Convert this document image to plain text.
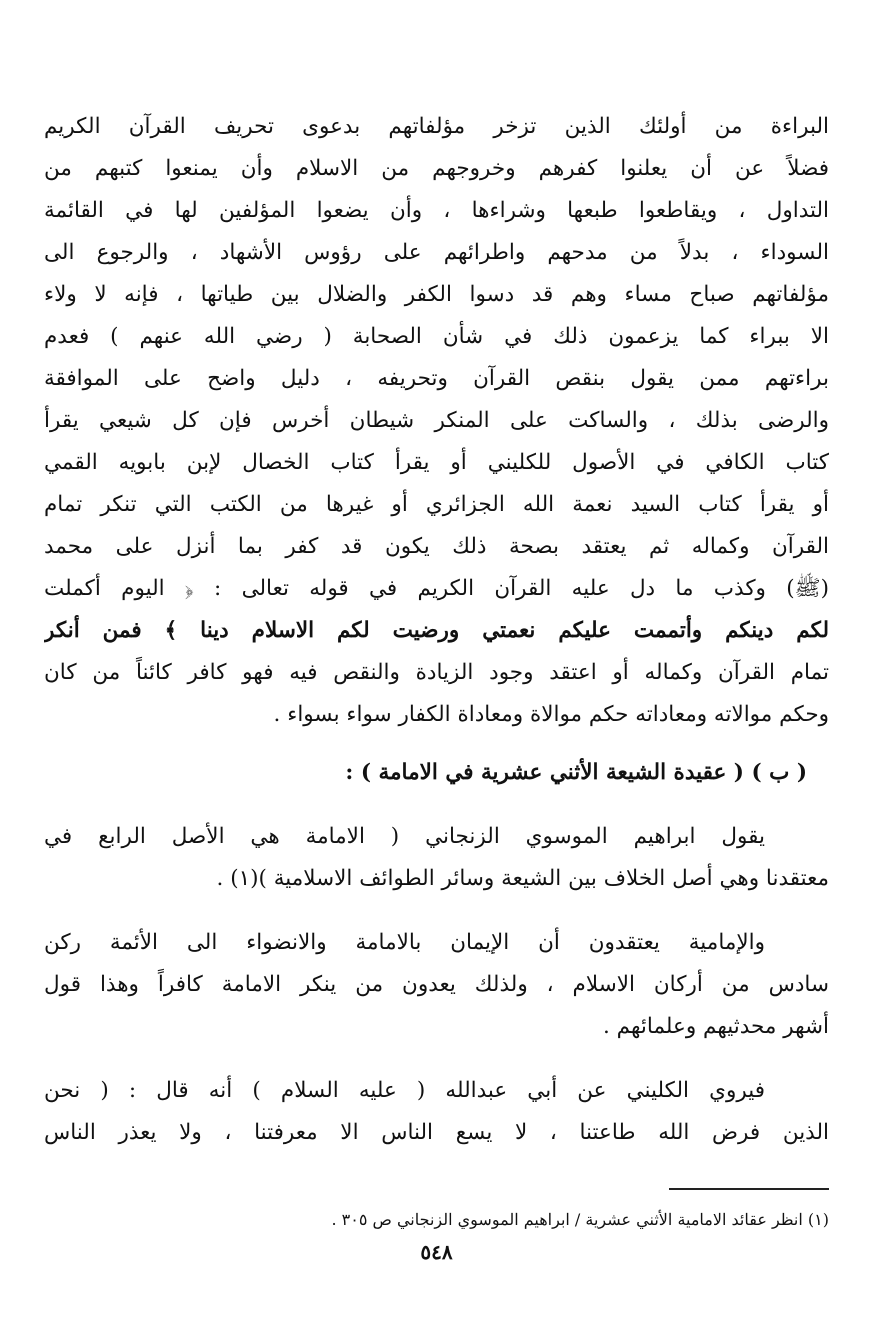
البراءة من أولئك الذين تزخر مؤلفاتهم بدعوى تحريف القرآن الكريم
فضلاً عن أن يعلنوا كفرهم وخروجهم من الاسلام وأن يمنعوا كتبهم من
التداول ، ويقاطعوا طبعها وشراءها ، وأن يضعوا المؤلفين لها في القائمة
السوداء ، بدلاً من مدحهم واطرائهم على رؤوس الأشهاد ، والرجوع الى
مؤلفاتهم صباح مساء وهم قد دسوا الكفر والضلال بين طياتها ، فإنه لا ولاء
الا ببراء كما يزعمون ذلك في شأن الصحابة ( رضي الله عنهم ) فعدم
براءتهم ممن يقول بنقص القرآن وتحريفه ، دليل واضح على الموافقة
والرضى بذلك ، والساكت على المنكر شيطان أخرس فإن كل شيعي يقرأ
كتاب الكافي في الأصول للكليني أو يقرأ كتاب الخصال لإبن بابويه القمي
أو يقرأ كتاب السيد نعمة الله الجزائري أو غيرها من الكتب التي تنكر تمام
القرآن وكماله ثم يعتقد بصحة ذلك يكون قد كفر بما أنزل على محمد
(ﷺ) وكذب ما دل عليه القرآن الكريم في قوله تعالى : ﴿ اليوم أكملت
لكم دينكم وأتممت عليكم نعمتي ورضيت لكم الاسلام دينا ﴾ فمن أنكر
تمام القرآن وكماله أو اعتقد وجود الزيادة والنقص فيه فهو كافر كائناً من كان
وحكم موالاته ومعاداته حكم موالاة ومعاداة الكفار سواء بسواء .
( ب ) ( عقيدة الشيعة الأثني عشرية في الامامة ) :
يقول ابراهيم الموسوي الزنجاني ( الامامة هي الأصل الرابع في
معتقدنا وهي أصل الخلاف بين الشيعة وسائر الطوائف الاسلامية )(١) .
والإمامية يعتقدون أن الإيمان بالامامة والانضواء الى الأئمة ركن
سادس من أركان الاسلام ، ولذلك يعدون من ينكر الامامة كافراً وهذا قول
أشهر محدثيهم وعلمائهم .
فيروي الكليني عن أبي عبدالله ( عليه السلام ) أنه قال : ( نحن
الذين فرض الله طاعتنا ، لا يسع الناس الا معرفتنا ، ولا يعذر الناس
(١) انظر عقائد الامامية الأثني عشرية / ابراهيم الموسوي الزنجاني ص ٣٠٥ .
٥٤٨
